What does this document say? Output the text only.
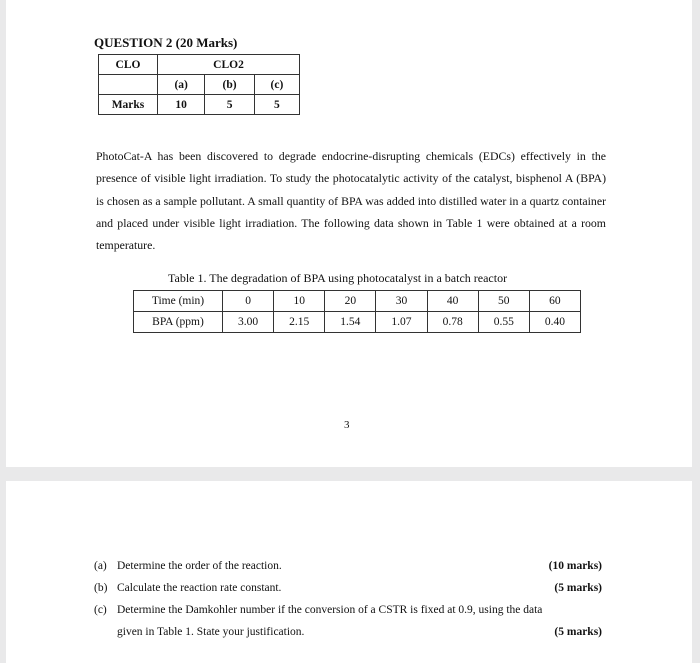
QUESTION 2 (20 Marks)
CLO	CLO2		
	(a)	(b)	(c)
Marks	10	5	5
PhotoCat-A has been discovered to degrade endocrine-disrupting chemicals (EDCs) effectively in the presence of visible light irradiation. To study the photocatalytic activity of the catalyst, bisphenol A (BPA) is chosen as a sample pollutant. A small quantity of BPA was added into distilled water in a quartz container and placed under visible light irradiation. The following data shown in Table 1 were obtained at a room temperature.
Table 1. The degradation of BPA using photocatalyst in a batch reactor
Time (min)	0	10	20	30	40	50	60
BPA (ppm)	3.00	2.15	1.54	1.07	0.78	0.55	0.40
3
(a) Determine the order of the reaction.	(10 marks)
(b) Calculate the reaction rate constant.	(5 marks)
(c) Determine the Damkohler number if the conversion of a CSTR is fixed at 0.9, using the data
given in Table 1. State your justification.	(5 marks)
